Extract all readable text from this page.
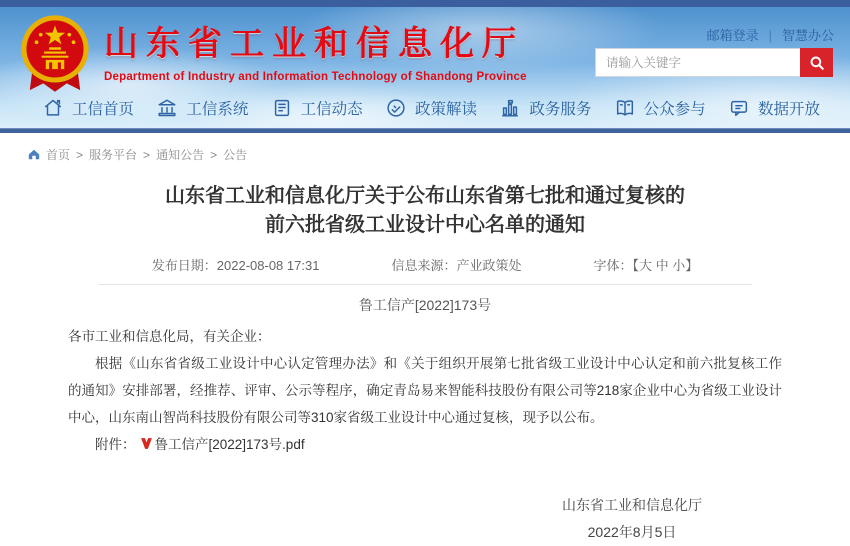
山东省工业和信息化厅
Department of Industry and Information Technology of Shandong Province
邮箱登录 | 智慧办公
请输入关键字
工信首页	工信系统	工信动态	政策解读	政务服务	公众参与	数据开放
首页 > 服务平台 > 通知公告 > 公告
山东省工业和信息化厅关于公布山东省第七批和通过复核的
前六批省级工业设计中心名单的通知
发布日期：2022-08-08 17:31	信息来源：产业政策处	字体：【大 中 小】
鲁工信产[2022]173号

各市工业和信息化局，有关企业：

根据《山东省省级工业设计中心认定管理办法》和《关于组织开展第七批省级工业设计中心认定和前六批复核工作的通知》安排部署，经推荐、评审、公示等程序，确定青岛易来智能科技股份有限公司等218家企业中心为省级工业设计中心，山东南山智尚科技股份有限公司等310家省级工业设计中心通过复核，现予以公布。

附件： 鲁工信产[2022]173号.pdf
山东省工业和信息化厅
2022年8月5日
